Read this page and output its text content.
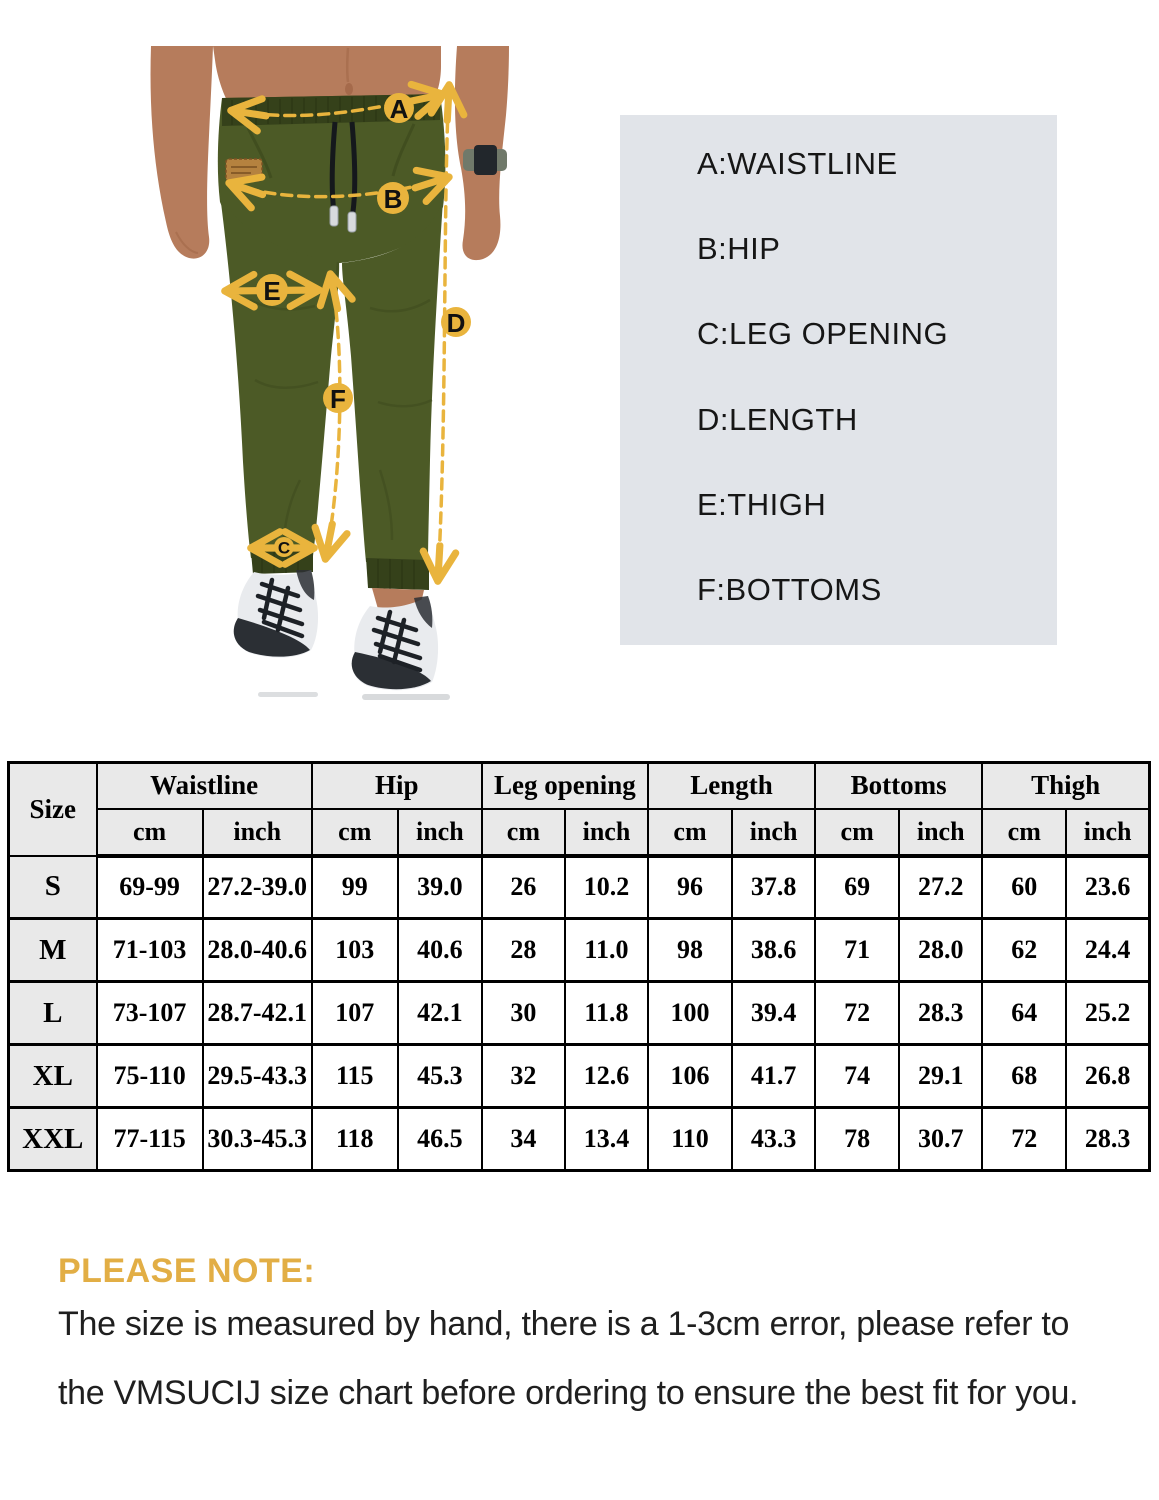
A
B
E
D
F
C
A:WAISTLINE
B:HIP
C:LEG OPENING
D:LENGTH
E:THIGH
F:BOTTOMS
Size	Waistline		Hip		Leg opening		Length		Bottoms		Thigh	
	cm	inch	cm	inch	cm	inch	cm	inch	cm	inch	cm	inch
S	69-99	27.2-39.0	99	39.0	26	10.2	96	37.8	69	27.2	60	23.6
M	71-103	28.0-40.6	103	40.6	28	11.0	98	38.6	71	28.0	62	24.4
L	73-107	28.7-42.1	107	42.1	30	11.8	100	39.4	72	28.3	64	25.2
XL	75-110	29.5-43.3	115	45.3	32	12.6	106	41.7	74	29.1	68	26.8
XXL	77-115	30.3-45.3	118	46.5	34	13.4	110	43.3	78	30.7	72	28.3
PLEASE NOTE:
The size is measured by hand, there is a 1-3cm error, please refer to
the VMSUCIJ size chart before ordering to ensure the best fit for you.
